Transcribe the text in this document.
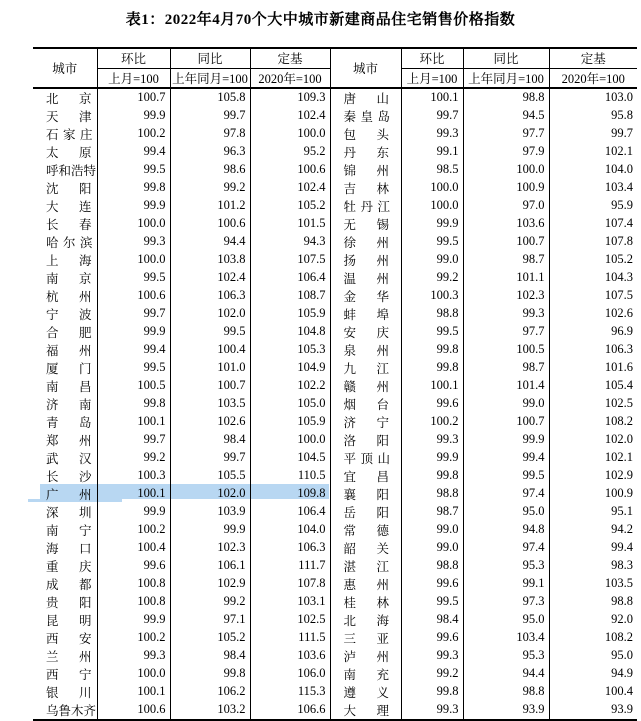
表1：2022年4月70个大中城市新建商品住宅销售价格指数
城市	环比	同比	定基	城市	环比	同比	定基
	上月=100	上年同月=100	2020年=100		上月=100	上年同月=100	2020年=100
北京	100.7	105.8	109.3	唐山	100.1	98.8	103.0
天津	99.9	99.7	102.4	秦皇岛	99.7	94.5	95.8
石家庄	100.2	97.8	100.0	包头	99.3	97.7	99.7
太原	99.4	96.3	95.2	丹东	99.1	97.9	102.1
呼和浩特	99.5	98.6	100.6	锦州	98.5	100.0	104.0
沈阳	99.8	99.2	102.4	吉林	100.0	100.9	103.4
大连	99.9	101.2	105.2	牡丹江	100.0	97.0	95.9
长春	100.0	100.6	101.5	无锡	99.9	103.6	107.4
哈尔滨	99.3	94.4	94.3	徐州	99.5	100.7	107.8
上海	100.0	103.8	107.5	扬州	99.0	98.7	105.2
南京	99.5	102.4	106.4	温州	99.2	101.1	104.3
杭州	100.6	106.3	108.7	金华	100.3	102.3	107.5
宁波	99.7	102.0	105.9	蚌埠	98.8	99.3	102.6
合肥	99.9	99.5	104.8	安庆	99.5	97.7	96.9
福州	99.4	100.4	105.3	泉州	99.8	100.5	106.3
厦门	99.5	101.0	104.9	九江	99.8	98.7	101.6
南昌	100.5	100.7	102.2	赣州	100.1	101.4	105.4
济南	99.8	103.5	105.0	烟台	99.6	99.0	102.5
青岛	100.1	102.6	105.9	济宁	100.2	100.7	108.2
郑州	99.7	98.4	100.0	洛阳	99.3	99.9	102.0
武汉	99.2	99.7	104.5	平顶山	99.9	99.4	102.1
长沙	100.3	105.5	110.5	宜昌	99.8	99.5	102.9
广州	100.1	102.0	109.8	襄阳	98.8	97.4	100.9
深圳	99.9	103.9	106.4	岳阳	98.7	95.0	95.1
南宁	100.2	99.9	104.0	常德	99.0	94.8	94.2
海口	100.4	102.3	106.3	韶关	99.0	97.4	99.4
重庆	99.6	106.1	111.7	湛江	98.8	95.3	98.3
成都	100.8	102.9	107.8	惠州	99.6	99.1	103.5
贵阳	100.8	99.2	103.1	桂林	99.5	97.3	98.8
昆明	99.9	97.1	102.5	北海	98.4	95.0	92.0
西安	100.2	105.2	111.5	三亚	99.6	103.4	108.2
兰州	99.3	98.4	103.6	泸州	99.3	95.3	95.0
西宁	100.0	99.8	106.0	南充	99.2	94.4	94.9
银川	100.1	106.2	115.3	遵义	99.8	98.8	100.4
乌鲁木齐	100.6	103.2	106.6	大理	99.3	93.9	93.9
